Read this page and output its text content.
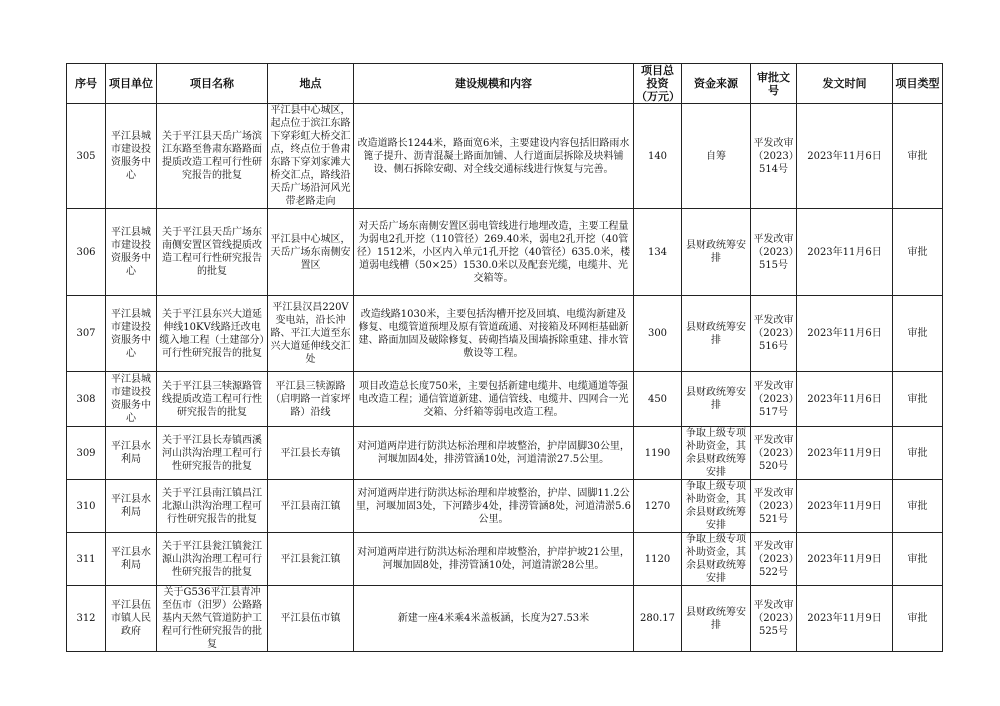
序号	项目单位	项目名称	地点	建设规模和内容	项目总投资（万元）	资金来源	审批文号	发文时间	项目类型
305	平江县城市建设投资服务中心	关于平江县天岳广场滨江东路至鲁肃东路路面提质改造工程可行性研究报告的批复	平江县中心城区，起点位于滨江东路下穿彩虹大桥交汇点，终点位于鲁肃东路下穿刘家滩大桥交汇点，路线沿天岳广场沿河风光带老路走向	改造道路长1244米，路面宽6米，主要建设内容包括旧路雨水篦子提升、沥青混凝土路面加铺、人行道面层拆除及块料铺设、侧石拆除安砌、对全线交通标线进行恢复与完善。	140	自筹	平发改审（2023）514号	2023年11月6日	审批
306	平江县城市建设投资服务中心	关于平江县天岳广场东南侧安置区管线提质改造工程可行性研究报告的批复	平江县中心城区，天岳广场东南侧安置区	对天岳广场东南侧安置区弱电管线进行地埋改造，主要工程量为弱电2孔开挖（110管径）269.40米，弱电2孔开挖（40管径）1512米，小区内入单元1孔开挖（40管径）635.0米，楼道弱电线槽（50×25）1530.0米以及配套光缆，电缆井、光交箱等。	134	县财政统筹安排	平发改审（2023）515号	2023年11月6日	审批
307	平江县城市建设投资服务中心	关于平江县东兴大道延伸线10KV线路迁改电缆入地工程（土建部分）可行性研究报告的批复	平江县汉昌220V变电站，沿长沖路、平江大道至东兴大道延伸线交汇处	改造线路1030米，主要包括沟槽开挖及回填、电缆沟新建及修复、电缆管道预埋及原有管道疏通、对接箱及环网柜基础新建、路面加固及破除修复、砖砌挡墙及围墙拆除重建、排水管敷设等工程。	300	县财政统筹安排	平发改审（2023）516号	2023年11月6日	审批
308	平江县城市建设投资服务中心	关于平江县三犊源路管线提质改造工程可行性研究报告的批复	平江县三犊源路（启明路一首家坪路）沿线	项目改造总长度750米，主要包括新建电缆井、电缆通道等强电改造工程；通信管道新建、通信管线、电缆井、四网合一光交箱、分纤箱等弱电改造工程。	450	县财政统筹安排	平发改审（2023）517号	2023年11月6日	审批
309	平江县水利局	关于平江县长寿镇西溪河山洪沟治理工程可行性研究报告的批复	平江县长寿镇	对河道两岸进行防洪达标治理和岸坡整治，护岸固脚30公里，河堰加固4处，排涝管涵10处，河道清淤27.5公里。	1190	争取上级专项补助资金，其余县财政统筹安排	平发改审（2023）520号	2023年11月9日	审批
310	平江县水利局	关于平江县南江镇昌江北源山洪沟治理工程可行性研究报告的批复	平江县南江镇	对河道两岸进行防洪达标治理和岸坡整治，护岸、固脚11.2公里，河堰加固3处，下河踏步4处，排涝管涵8处，河道清淤5.6公里。	1270	争取上级专项补助资金，其余县财政统筹安排	平发改审（2023）521号	2023年11月9日	审批
311	平江县水利局	关于平江县瓮江镇瓮江源山洪沟治理工程可行性研究报告的批复	平江县瓮江镇	对河道两岸进行防洪达标治理和岸坡整治，护岸护坡21公里，河堰加固8处，排涝管涵10处，河道清淤28公里。	1120	争取上级专项补助资金，其余县财政统筹安排	平发改审（2023）522号	2023年11月9日	审批
312	平江县伍市镇人民政府	关于G536平江县青冲至伍市（汨罗）公路路基内天然气管道防护工程可行性研究报告的批复	平江县伍市镇	新建一座4米乘4米盖板涵，长度为27.53米	280.17	县财政统筹安排	平发改审（2023）525号	2023年11月9日	审批
